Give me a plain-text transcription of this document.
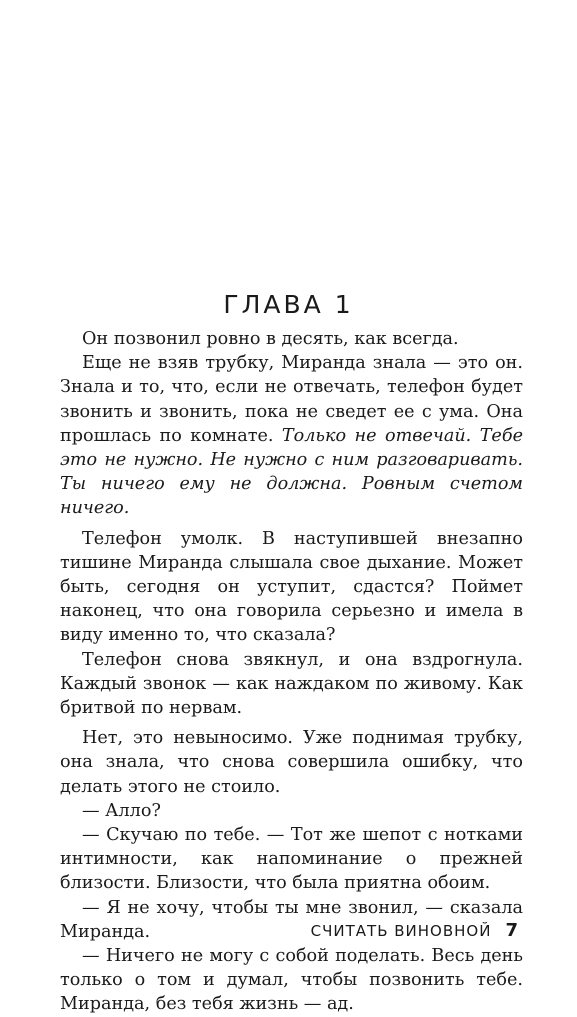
ГЛАВА 1

Он позвонил ровно в десять, как всегда.

Еще не взяв трубку, Миранда знала — это он. Знала и то, что, если не отвечать, телефон будет звонить и звонить, пока не сведет ее с ума. Она прошлась по комнате. Только не отвечай. Тебе это не нужно. Не нужно с ним разговаривать. Ты ничего ему не должна. Ровным счетом ничего.

Телефон умолк. В наступившей внезапно тишине Миранда слышала свое дыхание. Может быть, сегодня он уступит, сдастся? Поймет наконец, что она говорила серьезно и имела в виду именно то, что сказала?

Телефон снова звякнул, и она вздрогнула. Каждый звонок — как наждаком по живому. Как бритвой по нервам.

Нет, это невыносимо. Уже поднимая трубку, она знала, что снова совершила ошибку, что делать этого не стоило.

— Алло?

— Скучаю по тебе. — Тот же шепот с нотками интимности, как напоминание о прежней близости. Близости, что была приятна обоим.

— Я не хочу, чтобы ты мне звонил, — сказала Миранда.

— Ничего не могу с собой поделать. Весь день только о том и думал, чтобы позвонить тебе. Миранда, без тебя жизнь — ад.

СЧИТАТЬ ВИНОВНОЙ 7
